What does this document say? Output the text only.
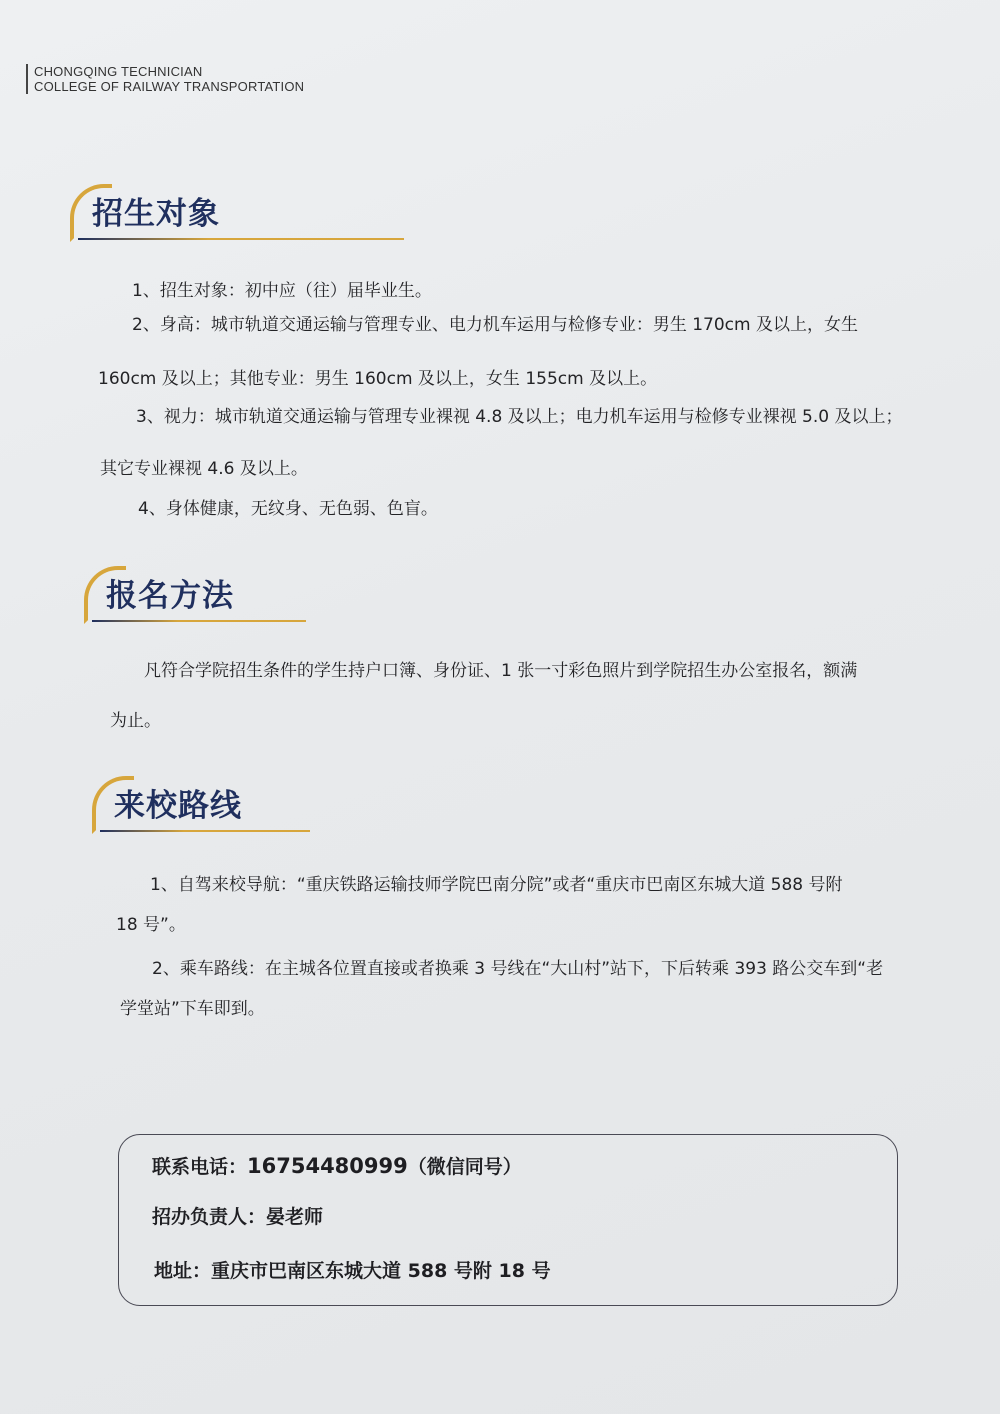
CHONGQING TECHNICIAN
COLLEGE OF RAILWAY TRANSPORTATION
招生对象
1、招生对象：初中应（往）届毕业生。
2、身高：城市轨道交通运输与管理专业、电力机车运用与检修专业：男生 170cm 及以上，女生
160cm 及以上；其他专业：男生 160cm 及以上，女生 155cm 及以上。
3、视力：城市轨道交通运输与管理专业裸视 4.8 及以上；电力机车运用与检修专业裸视 5.0 及以上；
其它专业裸视 4.6 及以上。
4、身体健康，无纹身、无色弱、色盲。
报名方法
凡符合学院招生条件的学生持户口簿、身份证、1 张一寸彩色照片到学院招生办公室报名，额满
为止。
来校路线
1、自驾来校导航：“重庆铁路运输技师学院巴南分院”或者“重庆市巴南区东城大道 588 号附
18 号”。
2、乘车路线：在主城各位置直接或者换乘 3 号线在“大山村”站下，下后转乘 393 路公交车到“老
学堂站”下车即到。
联系电话：16754480999（微信同号）
招办负责人：晏老师
地址：重庆市巴南区东城大道 588 号附 18 号
